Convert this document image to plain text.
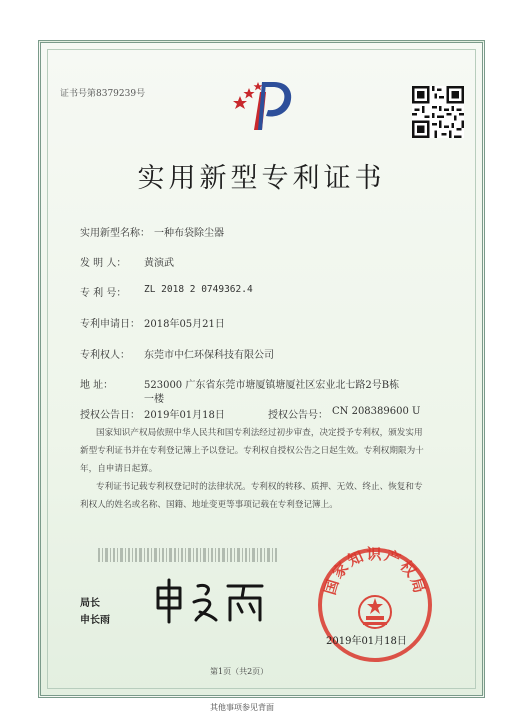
证书号第8379239号
实用新型专利证书
实用新型名称： 一种布袋除尘器
发 明 人： 黄演武
专 利 号： ZL 2018 2 0749362.4
专利申请日： 2018年05月21日
专利权人： 东莞市中仁环保科技有限公司
地 址：	523000 广东省东莞市塘厦镇塘厦社区宏业北七路2号B栋
一楼
授权公告日： 2019年01月18日	授权公告号： CN 208389600 U
国家知识产权局依照中华人民共和国专利法经过初步审查，决定授予专利权，颁发实用
新型专利证书并在专利登记簿上予以登记。专利权自授权公告之日起生效。专利权期限为十
年，自申请日起算。
专利证书记载专利权登记时的法律状况。专利权的转移、质押、无效、终止、恢复和专
利权人的姓名或名称、国籍、地址变更等事项记载在专利登记簿上。
局长
申长雨
国家知识产权局
2019年01月18日
第1页（共2页）
其他事项参见背面
